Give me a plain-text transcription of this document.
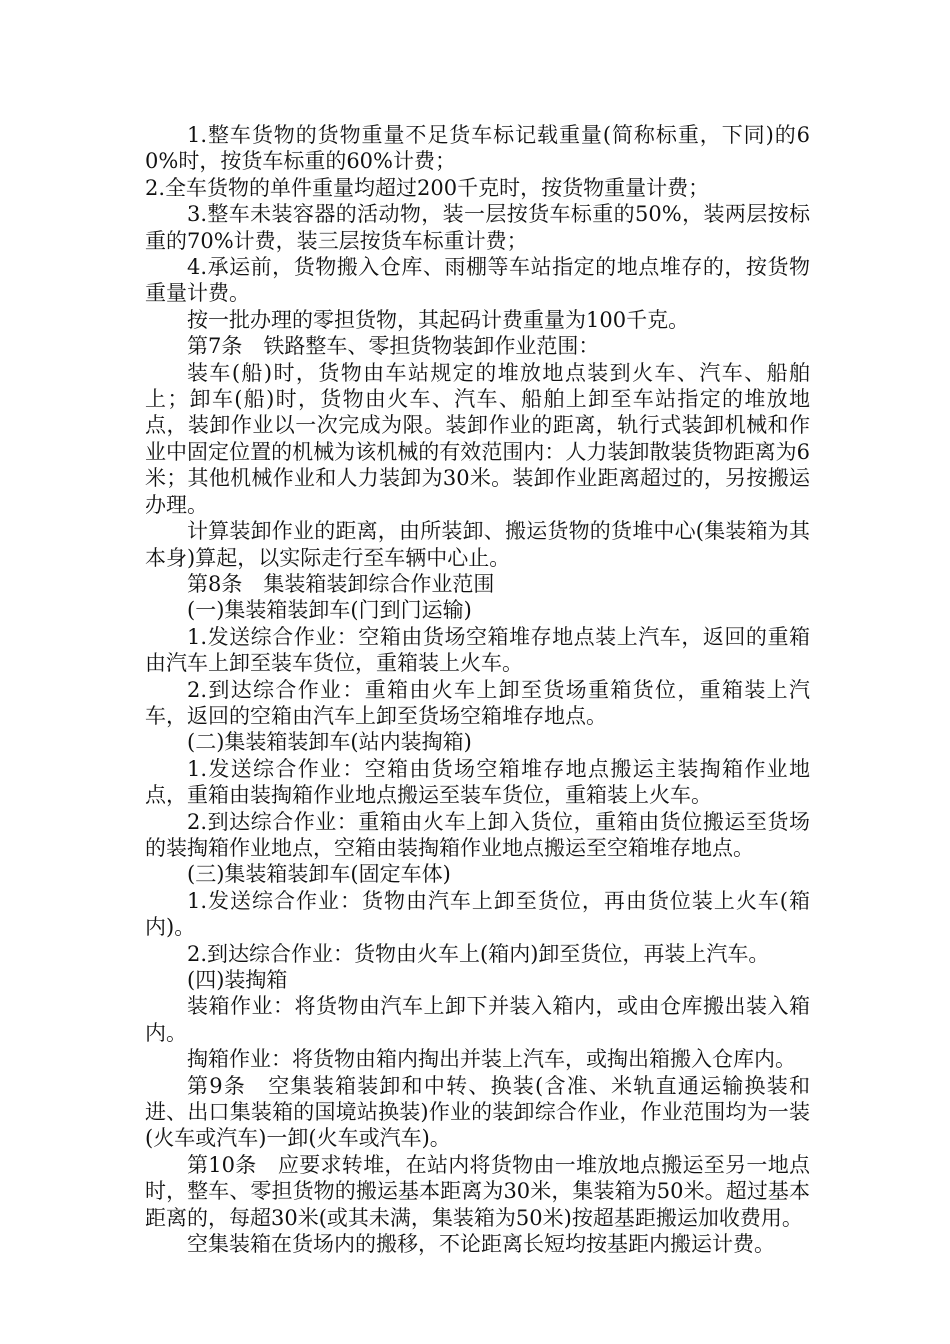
1.整车货物的货物重量不足货车标记载重量(简称标重，下同)的60%时，按货车标重的60%计费；

2.全车货物的单件重量均超过200千克时，按货物重量计费；

3.整车未装容器的活动物，装一层按货车标重的50%，装两层按标重的70%计费，装三层按货车标重计费；

4.承运前，货物搬入仓库、雨棚等车站指定的地点堆存的，按货物重量计费。

按一批办理的零担货物，其起码计费重量为100千克。

第7条　铁路整车、零担货物装卸作业范围：

装车(船)时，货物由车站规定的堆放地点装到火车、汽车、船舶上；卸车(船)时，货物由火车、汽车、船舶上卸至车站指定的堆放地点，装卸作业以一次完成为限。装卸作业的距离，轨行式装卸机械和作业中固定位置的机械为该机械的有效范围内：人力装卸散装货物距离为6米；其他机械作业和人力装卸为30米。装卸作业距离超过的，另按搬运办理。

计算装卸作业的距离，由所装卸、搬运货物的货堆中心(集装箱为其本身)算起，以实际走行至车辆中心止。

第8条　集装箱装卸综合作业范围

(一)集装箱装卸车(门到门运输)

1.发送综合作业：空箱由货场空箱堆存地点装上汽车，返回的重箱由汽车上卸至装车货位，重箱装上火车。

2.到达综合作业：重箱由火车上卸至货场重箱货位，重箱装上汽车，返回的空箱由汽车上卸至货场空箱堆存地点。

(二)集装箱装卸车(站内装掏箱)

1.发送综合作业：空箱由货场空箱堆存地点搬运主装掏箱作业地点，重箱由装掏箱作业地点搬运至装车货位，重箱装上火车。

2.到达综合作业：重箱由火车上卸入货位，重箱由货位搬运至货场的装掏箱作业地点，空箱由装掏箱作业地点搬运至空箱堆存地点。

(三)集装箱装卸车(固定车体)

1.发送综合作业：货物由汽车上卸至货位，再由货位装上火车(箱内)。

2.到达综合作业：货物由火车上(箱内)卸至货位，再装上汽车。

(四)装掏箱

装箱作业：将货物由汽车上卸下并装入箱内，或由仓库搬出装入箱内。

掏箱作业：将货物由箱内掏出并装上汽车，或掏出箱搬入仓库内。

第9条　空集装箱装卸和中转、换装(含准、米轨直通运输换装和进、出口集装箱的国境站换装)作业的装卸综合作业，作业范围均为一装(火车或汽车)一卸(火车或汽车)。

第10条　应要求转堆，在站内将货物由一堆放地点搬运至另一地点时，整车、零担货物的搬运基本距离为30米，集装箱为50米。超过基本距离的，每超30米(或其未满，集装箱为50米)按超基距搬运加收费用。

空集装箱在货场内的搬移，不论距离长短均按基距内搬运计费。
